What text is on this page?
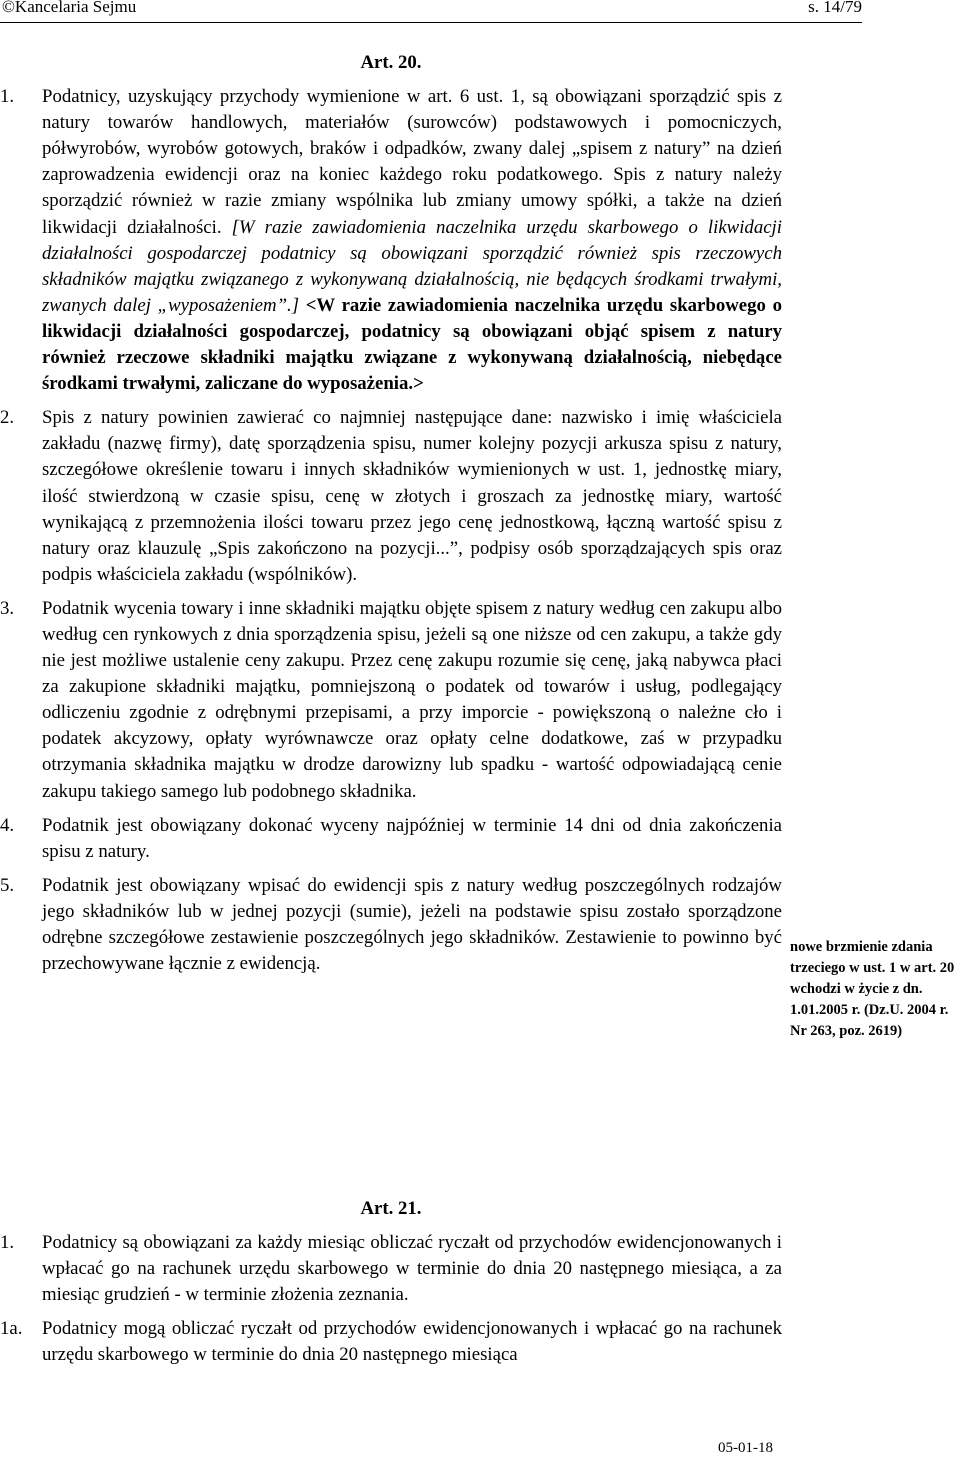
©Kancelaria Sejmu	s. 14/79
Art. 20.
1. Podatnicy, uzyskujący przychody wymienione w art. 6 ust. 1, są obowiązani sporządzić spis z natury towarów handlowych, materiałów (surowców) podstawowych i pomocniczych, półwyrobów, wyrobów gotowych, braków i odpadków, zwany dalej „spisem z natury” na dzień zaprowadzenia ewidencji oraz na koniec każdego roku podatkowego. Spis z natury należy sporządzić również w razie zmiany wspólnika lub zmiany umowy spółki, a także na dzień likwidacji działalności. [W razie zawiadomienia naczelnika urzędu skarbowego o likwidacji działalności gospodarczej podatnicy są obowiązani sporządzić również spis rzeczowych składników majątku związanego z wykonywaną działalnością, nie będących środkami trwałymi, zwanych dalej „wyposażeniem”.] <W razie zawiadomienia naczelnika urzędu skarbowego o likwidacji działalności gospodarczej, podatnicy są obowiązani objąć spisem z natury również rzeczowe składniki majątku związane z wykonywaną działalnością, niebędące środkami trwałymi, zaliczane do wyposażenia.>
2. Spis z natury powinien zawierać co najmniej następujące dane: nazwisko i imię właściciela zakładu (nazwę firmy), datę sporządzenia spisu, numer kolejny pozycji arkusza spisu z natury, szczegółowe określenie towaru i innych składników wymienionych w ust. 1, jednostkę miary, ilość stwierdzoną w czasie spisu, cenę w złotych i groszach za jednostkę miary, wartość wynikającą z przemnożenia ilości towaru przez jego cenę jednostkową, łączną wartość spisu z natury oraz klauzulę „Spis zakończono na pozycji...”, podpisy osób sporządzających spis oraz podpis właściciela zakładu (wspólników).
3. Podatnik wycenia towary i inne składniki majątku objęte spisem z natury według cen zakupu albo według cen rynkowych z dnia sporządzenia spisu, jeżeli są one niższe od cen zakupu, a także gdy nie jest możliwe ustalenie ceny zakupu. Przez cenę zakupu rozumie się cenę, jaką nabywca płaci za zakupione składniki majątku, pomniejszoną o podatek od towarów i usług, podlegający odliczeniu zgodnie z odrębnymi przepisami, a przy imporcie - powiększoną o należne cło i podatek akcyzowy, opłaty wyrównawcze oraz opłaty celne dodatkowe, zaś w przypadku otrzymania składnika majątku w drodze darowizny lub spadku - wartość odpowiadającą cenie zakupu takiego samego lub podobnego składnika.
4. Podatnik jest obowiązany dokonać wyceny najpóźniej w terminie 14 dni od dnia zakończenia spisu z natury.
5. Podatnik jest obowiązany wpisać do ewidencji spis z natury według poszczególnych rodzajów jego składników lub w jednej pozycji (sumie), jeżeli na podstawie spisu zostało sporządzone odrębne szczegółowe zestawienie poszczególnych jego składników. Zestawienie to powinno być przechowywane łącznie z ewidencją.
nowe brzmienie zdania trzeciego w ust. 1 w art. 20 wchodzi w życie z dn. 1.01.2005 r. (Dz.U. 2004 r. Nr 263, poz. 2619)
Art. 21.
1. Podatnicy są obowiązani za każdy miesiąc obliczać ryczałt od przychodów ewidencjonowanych i wpłacać go na rachunek urzędu skarbowego w terminie do dnia 20 następnego miesiąca, a za miesiąc grudzień - w terminie złożenia zeznania.
1a. Podatnicy mogą obliczać ryczałt od przychodów ewidencjonowanych i wpłacać go na rachunek urzędu skarbowego w terminie do dnia 20 następnego miesiąca
05-01-18
